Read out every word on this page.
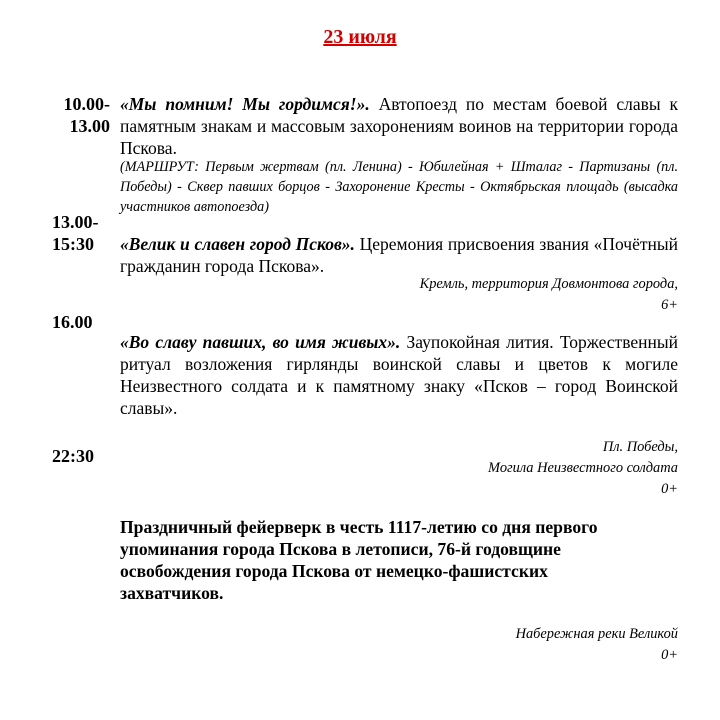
23 июля
10.00-
13.00
«Мы помним! Мы гордимся!». Автопоезд по местам боевой славы к памятным знакам и массовым захоронениям воинов на территории города Пскова.
(МАРШРУТ: Первым жертвам (пл. Ленина) - Юбилейная + Шталаг - Партизаны (пл. Победы) - Сквер павших борцов - Захоронение Кресты - Октябрьская площадь (высадка участников автопоезда)
13.00-
15:30	«Велик и славен город Псков». Церемония присвоения звания «Почётный гражданин города Пскова».
Кремль, территория Довмонтова города,
6+
16.00
«Во славу павших, во имя живых». Заупокойная лития. Торжественный ритуал возложения гирлянды воинской славы и цветов к могиле Неизвестного солдата и к памятному знаку «Псков – город Воинской славы».
Пл. Победы,
Могила Неизвестного солдата
0+
22:30
Праздничный фейерверк в честь 1117-летию со дня первого
упоминания города Пскова в летописи, 76-й годовщине
освобождения города Пскова от немецко-фашистских
захватчиков.
Набережная реки Великой
0+
